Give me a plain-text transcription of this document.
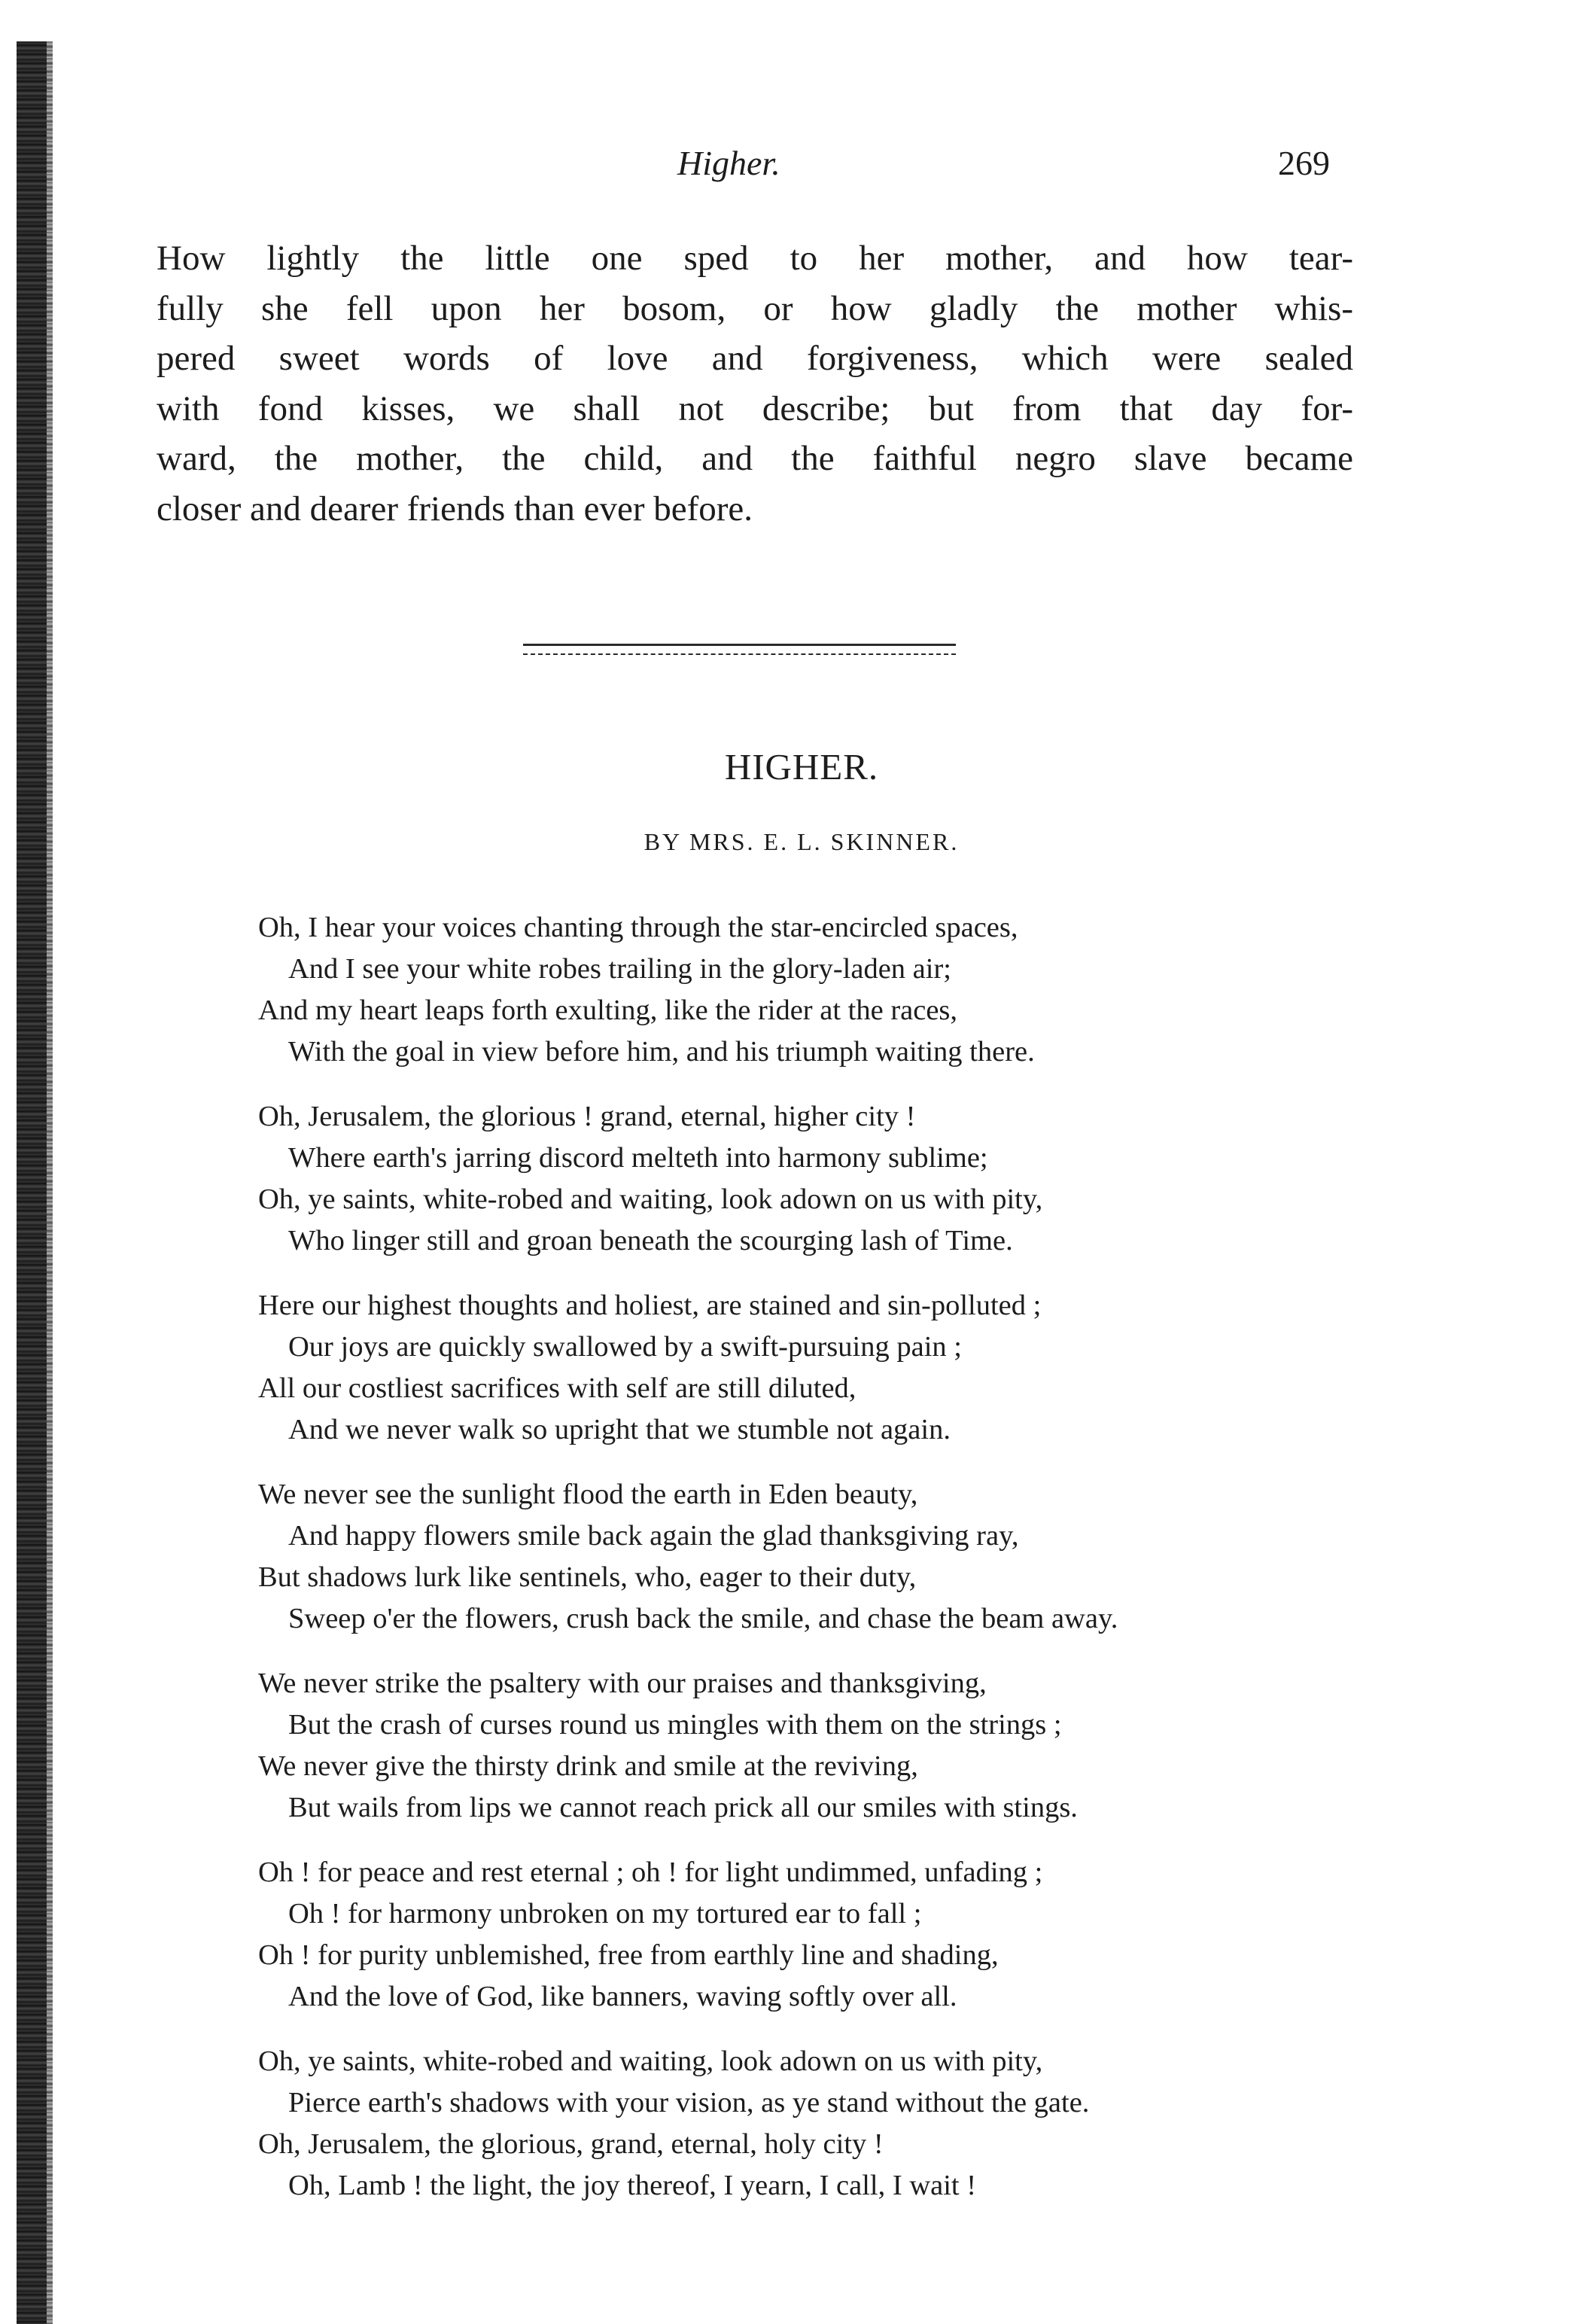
Higher.	269

How lightly the little one sped to her mother, and how tear-
fully she fell upon her bosom, or how gladly the mother whis-
pered sweet words of love and forgiveness, which were sealed
with fond kisses, we shall not describe; but from that day for-
ward, the mother, the child, and the faithful negro slave became
closer and dearer friends than ever before.

HIGHER.
BY MRS. E. L. SKINNER.
Oh, I hear your voices chanting through the star-encircled spaces,
And I see your white robes trailing in the glory-laden air;
And my heart leaps forth exulting, like the rider at the races,
With the goal in view before him, and his triumph waiting there.
Oh, Jerusalem, the glorious ! grand, eternal, higher city !
Where earth's jarring discord melteth into harmony sublime;
Oh, ye saints, white-robed and waiting, look adown on us with pity,
Who linger still and groan beneath the scourging lash of Time.
Here our highest thoughts and holiest, are stained and sin-polluted ;
Our joys are quickly swallowed by a swift-pursuing pain ;
All our costliest sacrifices with self are still diluted,
And we never walk so upright that we stumble not again.
We never see the sunlight flood the earth in Eden beauty,
And happy flowers smile back again the glad thanksgiving ray,
But shadows lurk like sentinels, who, eager to their duty,
Sweep o'er the flowers, crush back the smile, and chase the beam away.
We never strike the psaltery with our praises and thanksgiving,
But the crash of curses round us mingles with them on the strings ;
We never give the thirsty drink and smile at the reviving,
But wails from lips we cannot reach prick all our smiles with stings.
Oh ! for peace and rest eternal ; oh ! for light undimmed, unfading ;
Oh ! for harmony unbroken on my tortured ear to fall ;
Oh ! for purity unblemished, free from earthly line and shading,
And the love of God, like banners, waving softly over all.
Oh, ye saints, white-robed and waiting, look adown on us with pity,
Pierce earth's shadows with your vision, as ye stand without the gate.
Oh, Jerusalem, the glorious, grand, eternal, holy city !
Oh, Lamb ! the light, the joy thereof, I yearn, I call, I wait !
